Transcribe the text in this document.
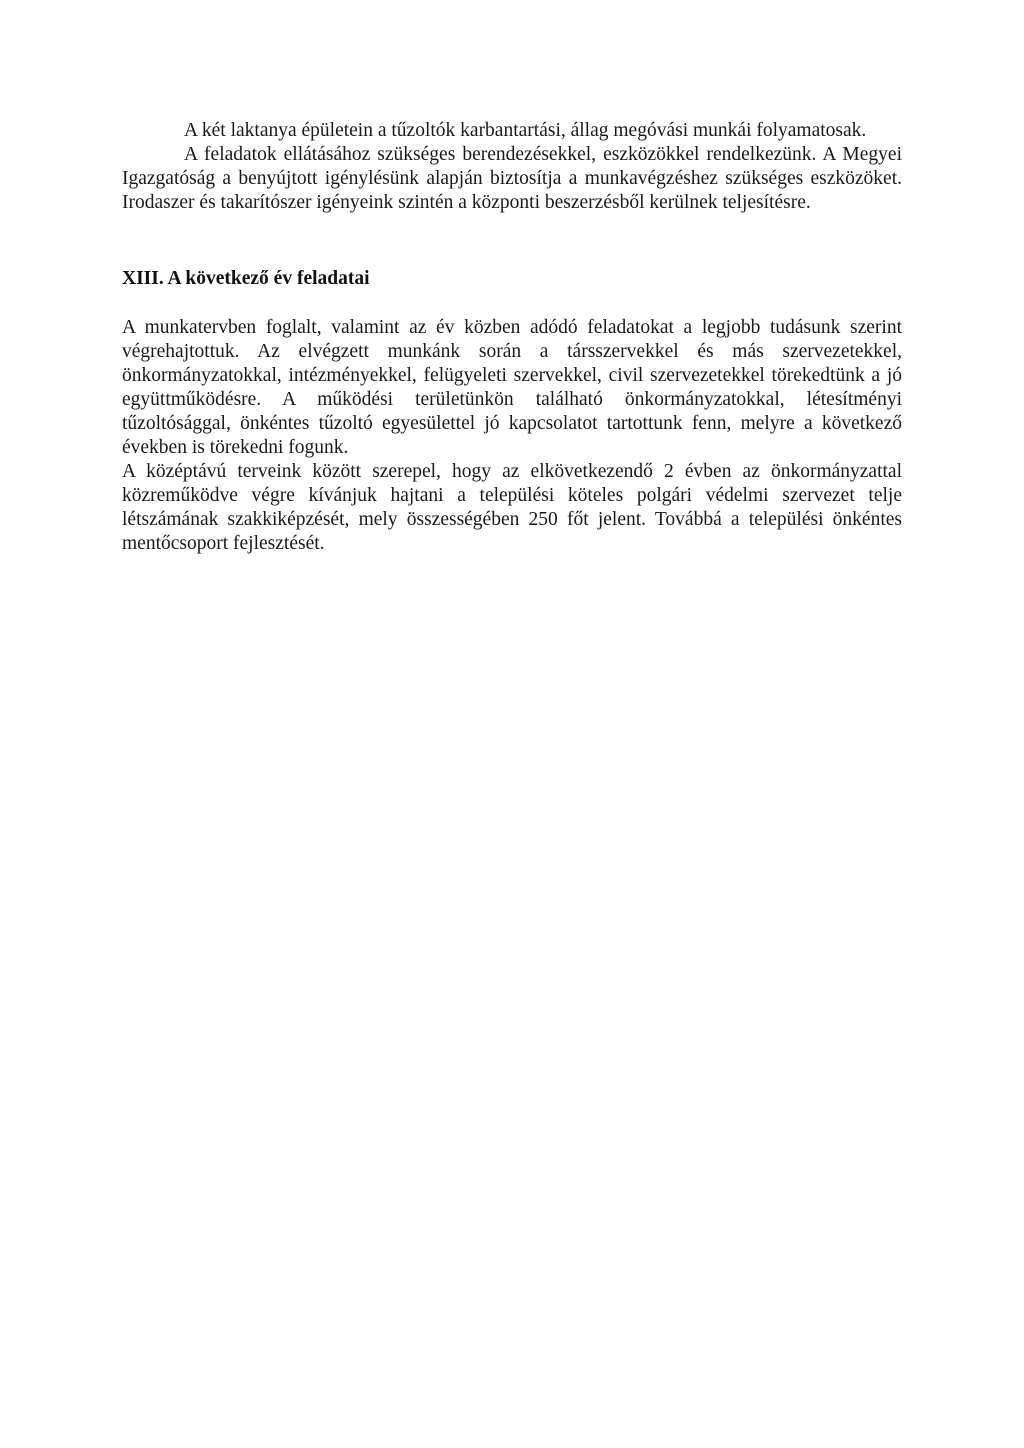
A két laktanya épületein a tűzoltók karbantartási, állag megóvási munkái folyamatosak.

A feladatok ellátásához szükséges berendezésekkel, eszközökkel rendelkezünk. A Megyei Igazgatóság a benyújtott igénylésünk alapján biztosítja a munkavégzéshez szükséges eszközöket. Irodaszer és takarítószer igényeink szintén a központi beszerzésből kerülnek teljesítésre.

XIII. A következő év feladatai

A munkatervben foglalt, valamint az év közben adódó feladatokat a legjobb tudásunk szerint végrehajtottuk. Az elvégzett munkánk során a társszervekkel és más szervezetekkel, önkormányzatokkal, intézményekkel, felügyeleti szervekkel, civil szervezetekkel törekedtünk a jó együttműködésre. A működési területünkön található önkormányzatokkal, létesítményi tűzoltósággal, önkéntes tűzoltó egyesülettel jó kapcsolatot tartottunk fenn, melyre a következő években is törekedni fogunk.

A középtávú terveink között szerepel, hogy az elkövetkezendő 2 évben az önkormányzattal közreműködve végre kívánjuk hajtani a települési köteles polgári védelmi szervezet telje létszámának szakkiképzését, mely összességében 250 főt jelent. Továbbá a települési önkéntes mentőcsoport fejlesztését.
